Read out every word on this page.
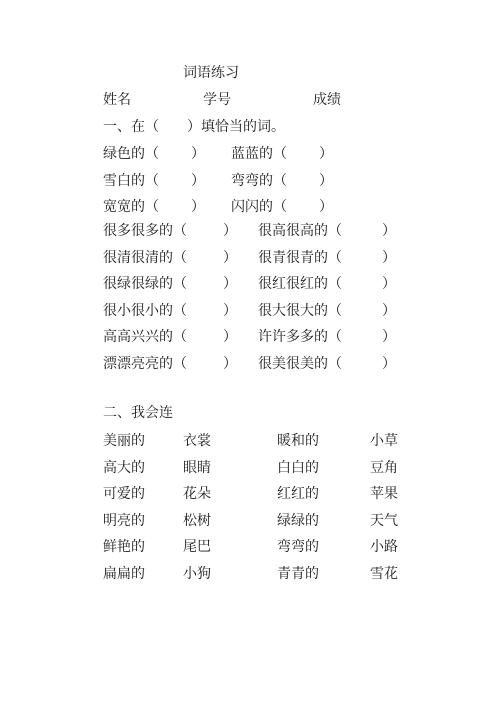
词语练习
姓名	学号	成绩
一、在（　　）填恰当的词。
绿色的（ ） 蓝蓝的（ ）
雪白的（ ） 弯弯的（ ）
宽宽的（ ） 闪闪的（ ）
很多很多的（	） 很高很高的（	）
很清很清的（	） 很青很青的（	）
很绿很绿的（	） 很红很红的（	）
很小很小的（	） 很大很大的（	）
高高兴兴的（	） 许许多多的（	）
漂漂亮亮的（	） 很美很美的（	）
二、我会连
美丽的	衣裳	暖和的	小草
高大的	眼睛	白白的	豆角
可爱的	花朵	红红的	苹果
明亮的	松树	绿绿的	天气
鲜艳的	尾巴	弯弯的	小路
扁扁的	小狗	青青的	雪花
